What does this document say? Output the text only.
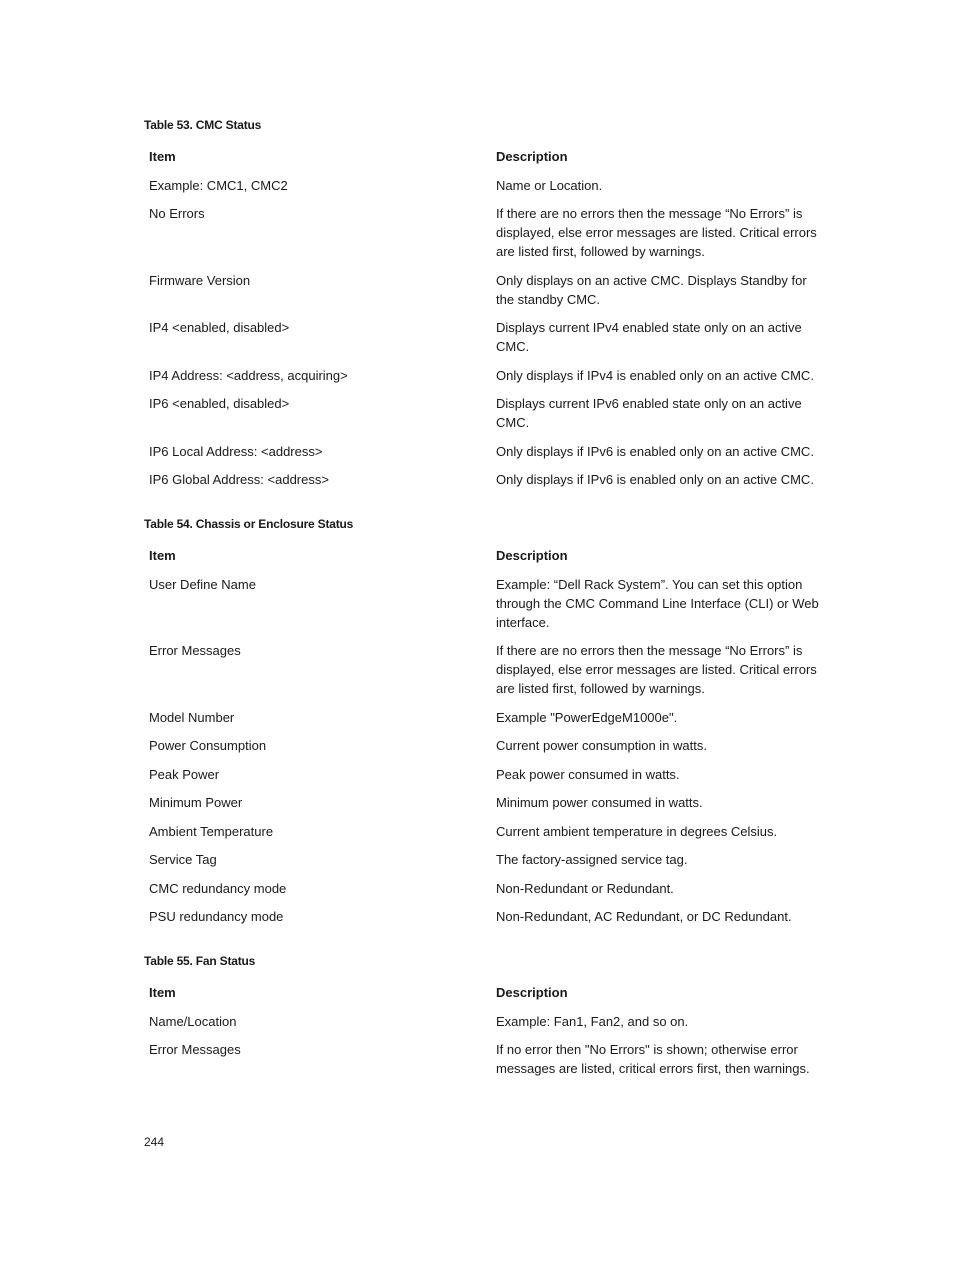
Table 53. CMC Status
Item	Description
Example: CMC1, CMC2	Name or Location.
No Errors	If there are no errors then the message “No Errors” is displayed, else error messages are listed. Critical errors are listed first, followed by warnings.
Firmware Version	Only displays on an active CMC. Displays Standby for the standby CMC.
IP4 <enabled, disabled>	Displays current IPv4 enabled state only on an active CMC.
IP4 Address: <address, acquiring>	Only displays if IPv4 is enabled only on an active CMC.
IP6 <enabled, disabled>	Displays current IPv6 enabled state only on an active CMC.
IP6 Local Address: <address>	Only displays if IPv6 is enabled only on an active CMC.
IP6 Global Address: <address>	Only displays if IPv6 is enabled only on an active CMC.
Table 54. Chassis or Enclosure Status
Item	Description
User Define Name	Example: “Dell Rack System”. You can set this option through the CMC Command Line Interface (CLI) or Web interface.
Error Messages	If there are no errors then the message “No Errors” is displayed, else error messages are listed. Critical errors are listed first, followed by warnings.
Model Number	Example "PowerEdgeM1000e".
Power Consumption	Current power consumption in watts.
Peak Power	Peak power consumed in watts.
Minimum Power	Minimum power consumed in watts.
Ambient Temperature	Current ambient temperature in degrees Celsius.
Service Tag	The factory-assigned service tag.
CMC redundancy mode	Non-Redundant or Redundant.
PSU redundancy mode	Non-Redundant, AC Redundant, or DC Redundant.
Table 55. Fan Status
Item	Description
Name/Location	Example: Fan1, Fan2, and so on.
Error Messages	If no error then "No Errors" is shown; otherwise error messages are listed, critical errors first, then warnings.
244
